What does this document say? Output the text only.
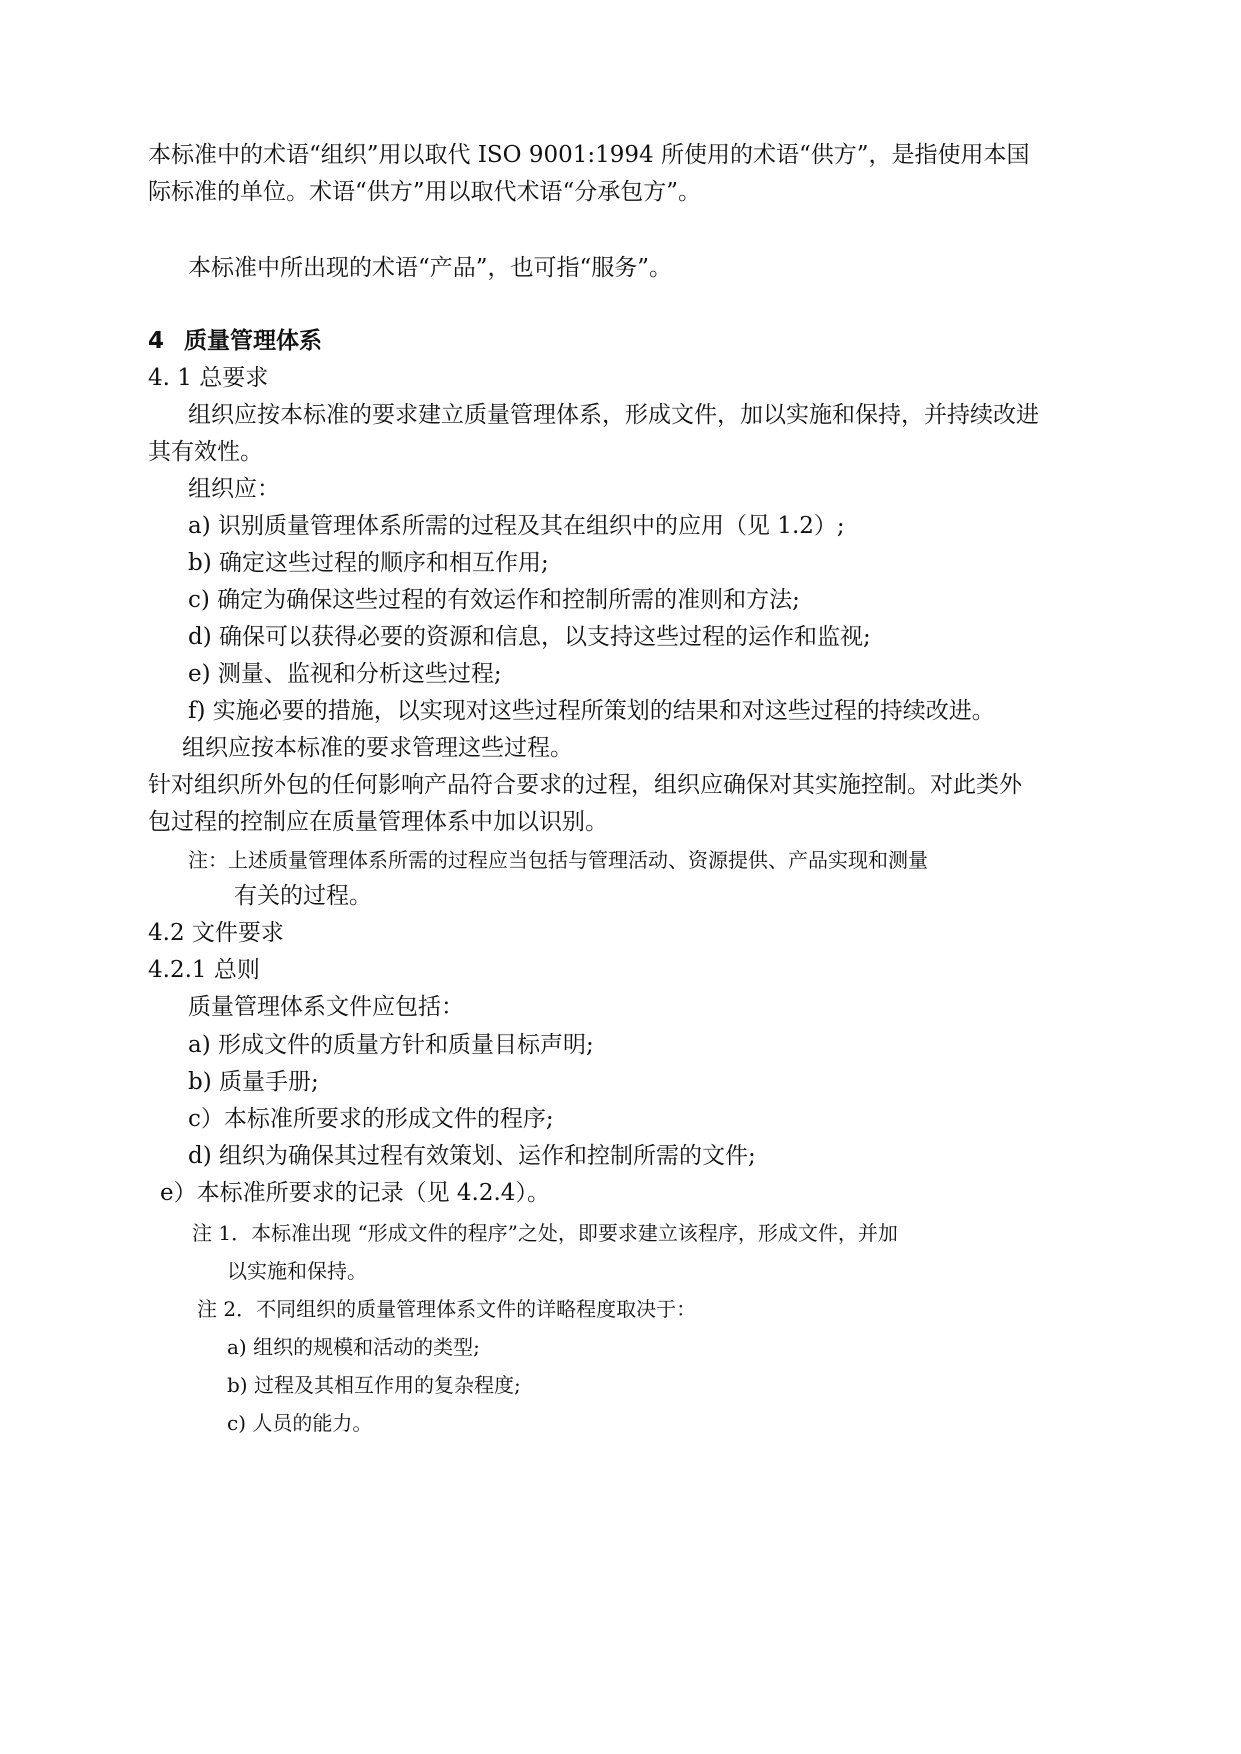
本标准中的术语“组织”用以取代 ISO 9001:1994 所使用的术语“供方”，是指使用本国
际标准的单位。术语“供方”用以取代术语“分承包方”。
本标准中所出现的术语“产品”，也可指“服务”。
4 质量管理体系
4. 1 总要求
组织应按本标准的要求建立质量管理体系，形成文件，加以实施和保持，并持续改进
其有效性。
组织应：
a) 识别质量管理体系所需的过程及其在组织中的应用（见 1.2）;
b) 确定这些过程的顺序和相互作用;
c) 确定为确保这些过程的有效运作和控制所需的准则和方法;
d) 确保可以获得必要的资源和信息，以支持这些过程的运作和监视;
e) 测量、监视和分析这些过程;
f) 实施必要的措施，以实现对这些过程所策划的结果和对这些过程的持续改进。
组织应按本标准的要求管理这些过程。
针对组织所外包的任何影响产品符合要求的过程，组织应确保对其实施控制。对此类外
包过程的控制应在质量管理体系中加以识别。
注：上述质量管理体系所需的过程应当包括与管理活动、资源提供、产品实现和测量
有关的过程。
4.2 文件要求
4.2.1 总则
质量管理体系文件应包括：
a) 形成文件的质量方针和质量目标声明;
b) 质量手册;
c）本标准所要求的形成文件的程序;
d) 组织为确保其过程有效策划、运作和控制所需的文件;
e）本标准所要求的记录（见 4.2.4）。
注 1．本标准出现 “形成文件的程序”之处，即要求建立该程序，形成文件，并加
以实施和保持。
注 2．不同组织的质量管理体系文件的详略程度取决于：
a) 组织的规模和活动的类型;
b) 过程及其相互作用的复杂程度;
c) 人员的能力。
